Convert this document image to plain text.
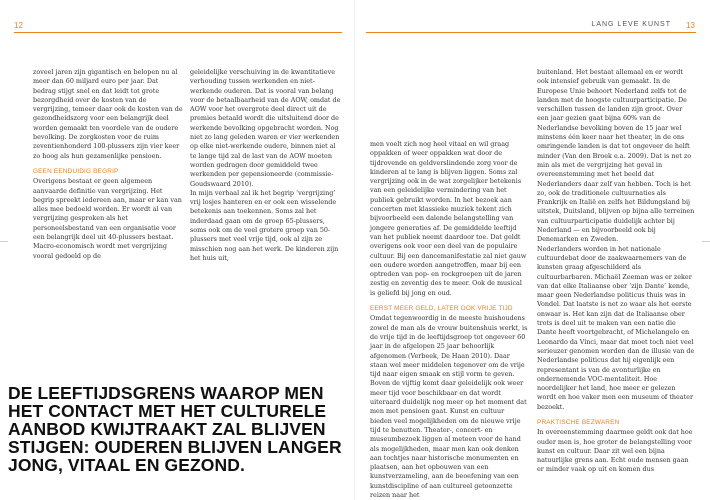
12	LANG LEVE KUNST 13

zoveel jaren zijn gigantisch en belopen nu al meer dan 60 miljard euro per jaar. Dat bedrag stijgt snel en dat leidt tot grote bezorgdheid over de kosten van de vergrijzing, temeer daar ook de kosten van de gezondheidszorg voor een belangrijk deel worden gemaakt ten voordele van de oudere bevolking. De zorgkosten voor de ruim zeventienhonderd 100-plussers zijn vier keer zo hoog als hun gezamenlijke pensioen.

GEEN EENDUIDIG BEGRIP

Overigens bestaat er geen algemeen aanvaarde definitie van vergrijzing. Het begrip spreekt iedereen aan, maar er kan van alles mee bedoeld worden. Er wordt al van vergrijzing gesproken als het personeelsbestand van een organisatie voor een belangrijk deel uit 40-plussers bestaat. Macro-economisch wordt met vergrijzing vooral gedoeld op de

geleidelijke verschuiving in de kwantitatieve verhouding tussen werkenden en niet-werkende ouderen. Dat is vooral van belang voor de betaalbaarheid van de AOW, omdat de AOW voor het overgrote deel direct uit de premies betaald wordt die uitsluitend door de werkende bevolking opgebracht worden. Nog niet zo lang geleden waren er vier werkenden op elke niet-werkende oudere, binnen niet al te lange tijd zal de last van de AOW moeten worden gedragen door gemiddeld twee werkenden per gepensioneerde (commissie-Goudswaard 2010).

In mijn verhaal zal ik het begrip ‘vergrijzing’ vrij losjes hanteren en er ook een wisselende betekenis aan toekennen. Soms zal het inderdaad gaan om de groep 65-plussers, soms ook om de veel grotere groep van 50-plussers met veel vrije tijd, ook al zijn ze misschien nog aan het werk. De kinderen zijn het huis uit,

DE LEEFTIJDSGRENS WAAROP MEN HET CONTACT MET HET CULTURELE AANBOD KWIJTRAAKT ZAL BLIJVEN STIJGEN: OUDEREN BLIJVEN LANGER JONG, VITAAL EN GEZOND.

men voelt zich nog heel vitaal en wil graag oppakken of weer oppakken wat door de tijdrovende en geldverslindende zorg voor de kinderen al te lang is blijven liggen. Soms zal vergrijzing ook in de wat zorgelijker betekenis van een geleidelijke vermindering van het publiek gebruikt worden. In het bezoek aan concerten met klassieke muziek tekent zich bijvoorbeeld een dalende belangstelling van jongere generaties af. De gemiddelde leeftijd van het publiek neemt daardoor toe. Dat geldt overigens ook voor een deel van de populaire cultuur. Bij een dancemanifestatie zal niet gauw een oudere worden aangetroffen, maar bij een optreden van pop- en rockgroepen uit de jaren zestig en zeventig des te meer. Ook de musical is geliefd bij jong en oud.

EERST MEER GELD, LATER OOK VRIJE TIJD

Omdat tegenwoordig in de meeste huishoudens zowel de man als de vrouw buitenshuis werkt, is de vrije tijd in de leeftijdsgroep tot ongeveer 60 jaar in de afgelopen 25 jaar behoorlijk afgenomen (Verbeek, De Haan 2010). Daar staan wel meer middelen tegenover om de vrije tijd naar eigen smaak en stijl vorm te geven. Boven de vijftig komt daar geleidelijk ook weer meer tijd voor beschikbaar en dat wordt uiteraard duidelijk nog meer op het moment dat men met pensioen gaat. Kunst en cultuur bieden veel mogelijkheden om de nieuwe vrije tijd te benutten. Theater-, concert- en museumbezoek liggen al meteen voor de hand als mogelijkheden, maar men kan ook denken aan tochtjes naar historische monumenten en plaatsen, aan het opbouwen van een kunstverzameling, aan de beoefening van een kunstdiscipline of aan cultureel getoonzette reizen naar het

buitenland. Het bestaat allemaal en er wordt ook intensief gebruik van gemaakt. In de Europese Unie behoort Nederland zelfs tot de landen met de hoogste cultuurparticipatie. De verschillen tussen de landen zijn groot. Over een jaar gezien gaat bijna 60% van de Nederlandse bevolking boven de 15 jaar wel minstens één keer naar het theater, in de ons omringende landen is dat tot ongeveer de helft minder (Van den Broek e.a. 2009). Dat is net zo min als met de vergrijzing het geval in overeenstemming met het beeld dat Nederlanders daar zelf van hebben. Toch is het zo, ook de traditionele cultuurnaties als Frankrijk en Italië en zelfs het Bildungsland bij uitstek, Duitsland, blijven op bijna alle terreinen van cultuurparticipatie duidelijk achter bij Nederland — en bijvoorbeeld ook bij Denemarken en Zweden.

Nederlanders worden in het nationale cultuurdebat door de zaakwaarnemers van de kunsten graag afgeschilderd als cultuurbarbaren. Michaël Zeeman was er zeker van dat elke Italiaanse ober ‘zijn Dante’ kende, maar geen Nederlandse politicus thuis was in Vondel. Dat laatste is net zo waar als het eerste onwaar is. Het kan zijn dat de Italiaanse ober trots is deel uit te maken van een natie die Dante heeft voortgebracht, of Michelangelo en Leonardo da Vinci, maar dat moet toch niet veel serieuzer genomen worden dan de illusie van de Nederlandse politicus dat hij eigenlijk een representant is van de avonturlijke en ondernemende VOC-mentaliteit. Hoe noordelijker het land, hoe meer er gelezen wordt en hoe vaker men een museum of theater bezoekt.

PRAKTISCHE BEZWAREN

In overeenstemming daarmee geldt ook dat hoe ouder men is, hoe groter de belangstelling voor kunst en cultuur. Daar zit wel een bijna natuurlijke grens aan. Echt oude mensen gaan er minder vaak op uit en komen dus
